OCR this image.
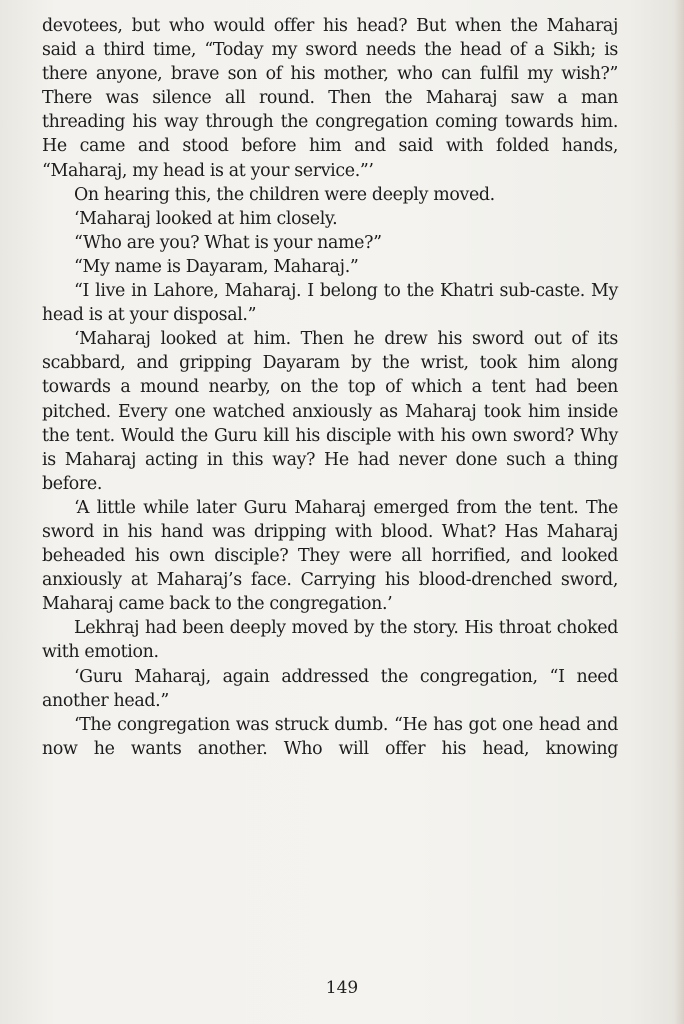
devotees, but who would offer his head? But when the Maharaj said a third time, “Today my sword needs the head of a Sikh; is there anyone, brave son of his mother, who can fulfil my wish?” There was silence all round. Then the Maharaj saw a man threading his way through the congregation coming towards him. He came and stood before him and said with folded hands, “Maharaj, my head is at your service.”’

On hearing this, the children were deeply moved.

‘Maharaj looked at him closely.

“Who are you? What is your name?”

“My name is Dayaram, Maharaj.”

“I live in Lahore, Maharaj. I belong to the Khatri sub-caste. My head is at your disposal.”

‘Maharaj looked at him. Then he drew his sword out of its scabbard, and gripping Dayaram by the wrist, took him along towards a mound nearby, on the top of which a tent had been pitched. Every one watched anxiously as Maharaj took him inside the tent. Would the Guru kill his disciple with his own sword? Why is Maharaj acting in this way? He had never done such a thing before.

‘A little while later Guru Maharaj emerged from the tent. The sword in his hand was dripping with blood. What? Has Maharaj beheaded his own disciple? They were all horrified, and looked anxiously at Maharaj’s face. Carrying his blood-drenched sword, Maharaj came back to the congregation.’

Lekhraj had been deeply moved by the story. His throat choked with emotion.

‘Guru Maharaj, again addressed the congregation, “I need another head.”

‘The congregation was struck dumb. “He has got one head and now he wants another. Who will offer his head, knowing

149
